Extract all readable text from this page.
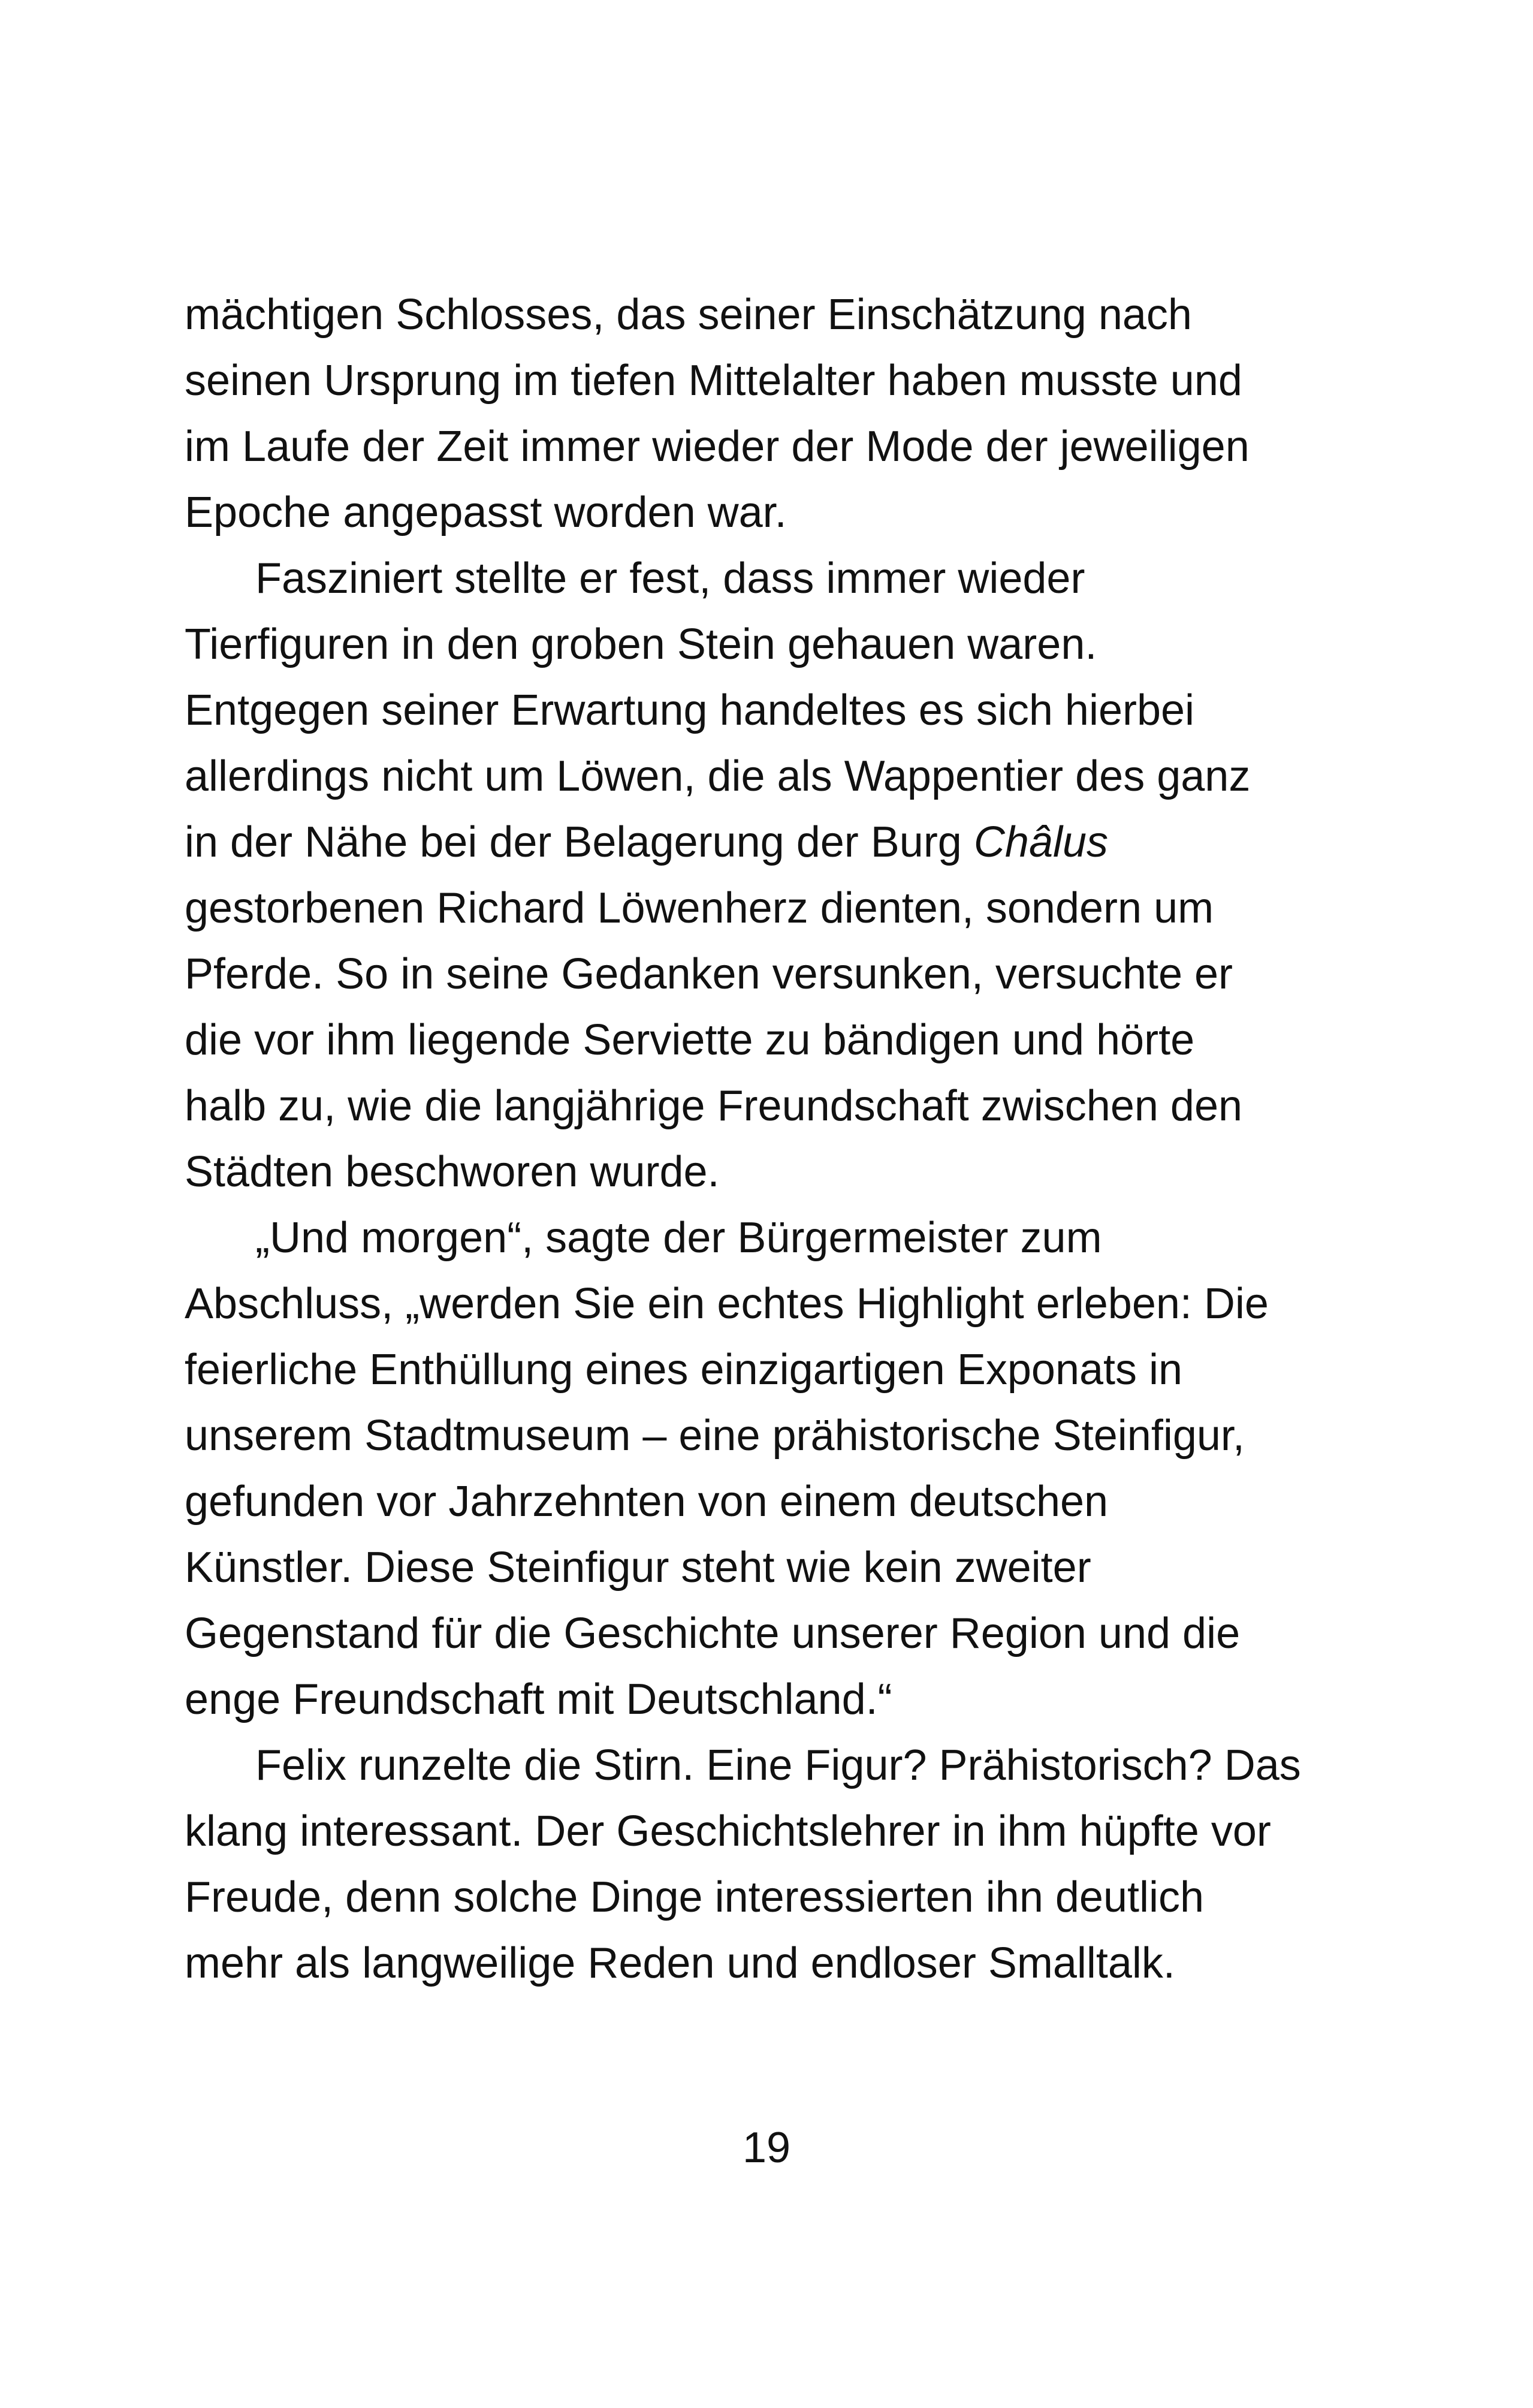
mächtigen Schlosses, das seiner Einschätzung nach
seinen Ursprung im tiefen Mittelalter haben musste und
im Laufe der Zeit immer wieder der Mode der jeweiligen
Epoche angepasst worden war.
Fasziniert stellte er fest, dass immer wieder
Tierfiguren in den groben Stein gehauen waren.
Entgegen seiner Erwartung handeltes es sich hierbei
allerdings nicht um Löwen, die als Wappentier des ganz
in der Nähe bei der Belagerung der Burg Châlus
gestorbenen Richard Löwenherz dienten, sondern um
Pferde. So in seine Gedanken versunken, versuchte er
die vor ihm liegende Serviette zu bändigen und hörte
halb zu, wie die langjährige Freundschaft zwischen den
Städten beschworen wurde.
„Und morgen“, sagte der Bürgermeister zum
Abschluss, „werden Sie ein echtes Highlight erleben: Die
feierliche Enthüllung eines einzigartigen Exponats in
unserem Stadtmuseum – eine prähistorische Steinfigur,
gefunden vor Jahrzehnten von einem deutschen
Künstler. Diese Steinfigur steht wie kein zweiter
Gegenstand für die Geschichte unserer Region und die
enge Freundschaft mit Deutschland.“
Felix runzelte die Stirn. Eine Figur? Prähistorisch? Das
klang interessant. Der Geschichtslehrer in ihm hüpfte vor
Freude, denn solche Dinge interessierten ihn deutlich
mehr als langweilige Reden und endloser Smalltalk.
19
